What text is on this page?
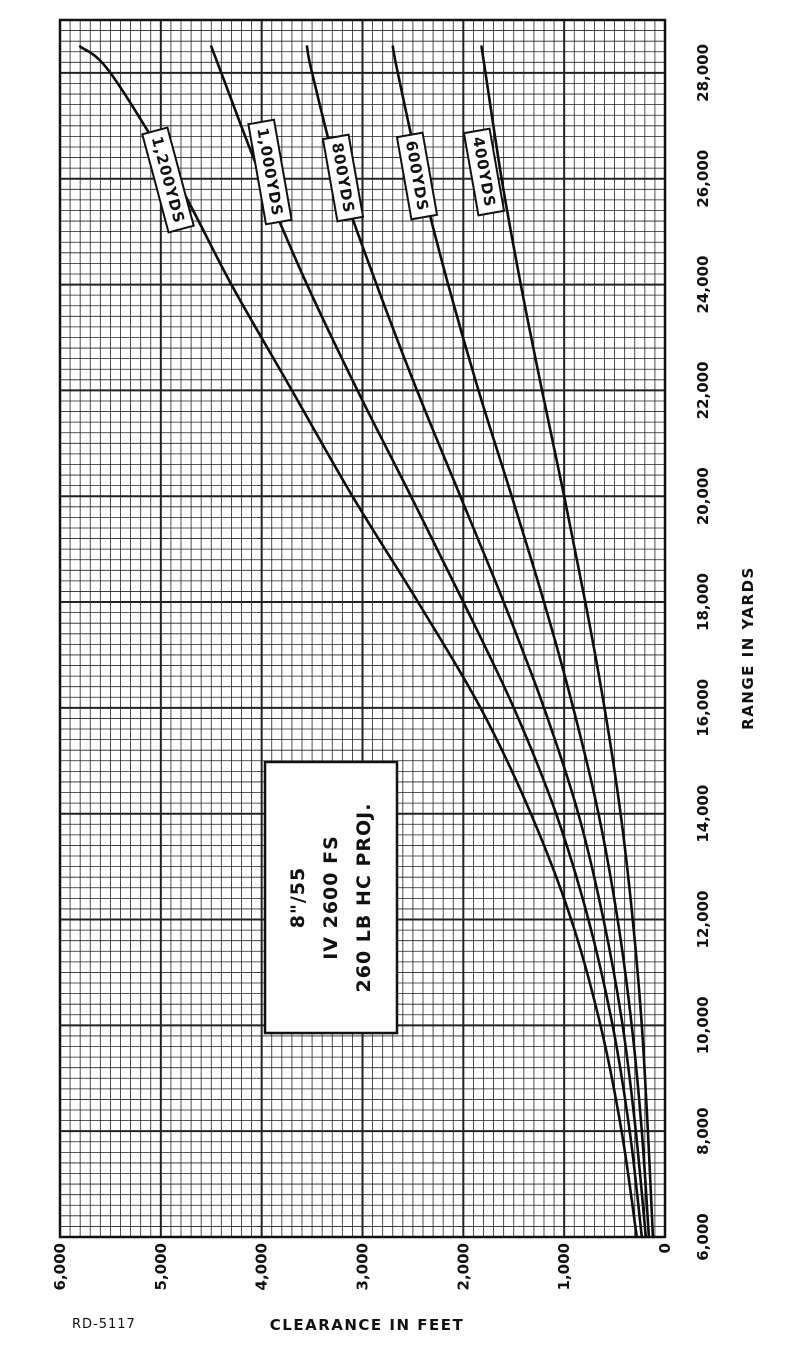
8"/55 IV 2600 FS 260 LB HC PROJ.
1,200YDS	1,000YDS	800YDS	600YDS 400YDS
6,000
8,000
10,000
12,000
14,000
16,000
18,000
20,000
22,000
24,000
26,000
28,000
0
1,000
2,000
3,000
4,000
5,000
6,000
RANGE IN YARDS
CLEARANCE IN FEET
RD-5117
